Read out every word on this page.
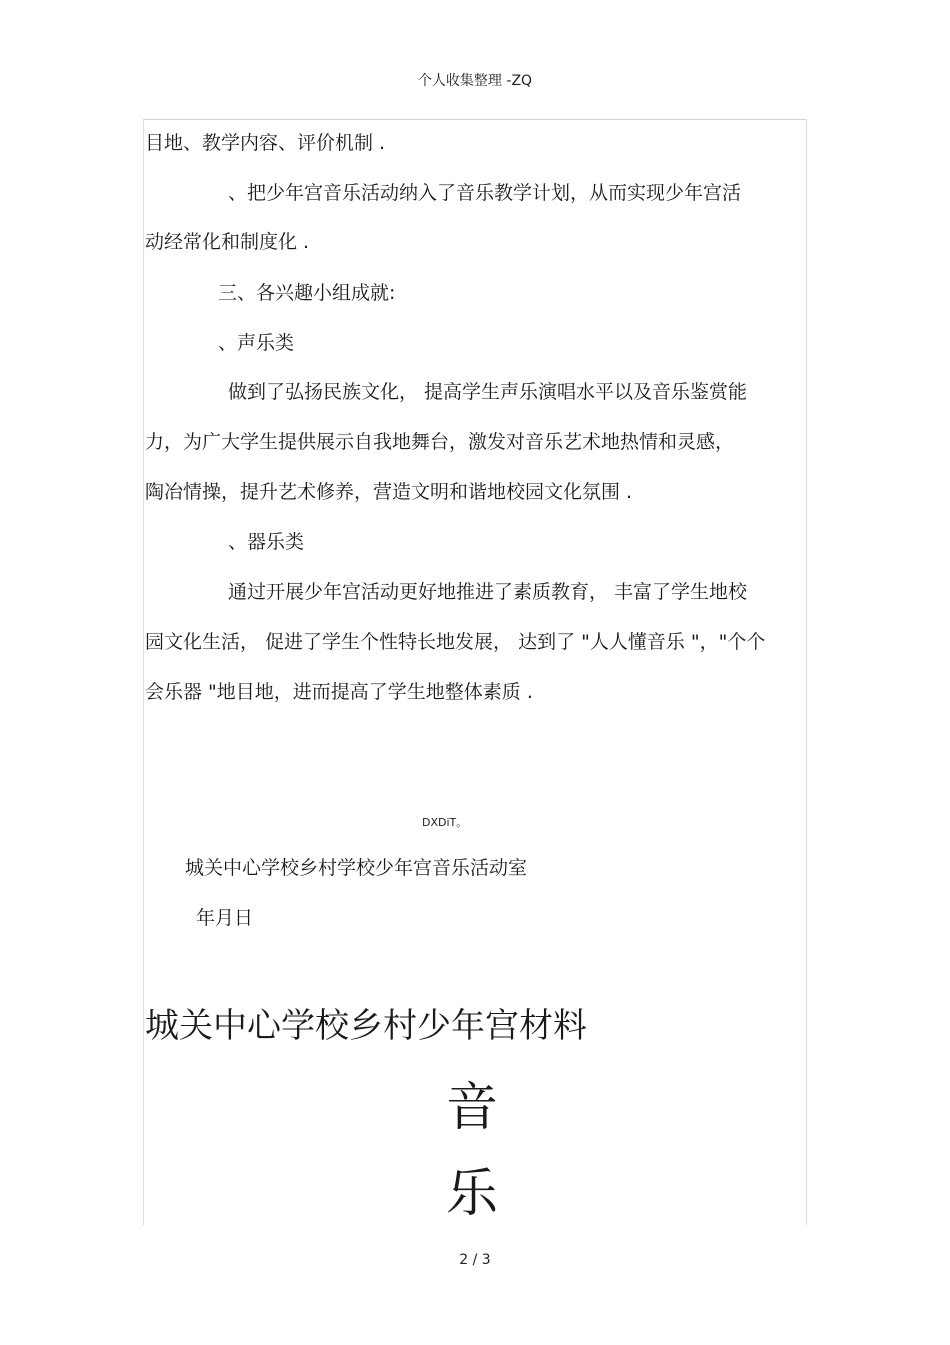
个人收集整理 -ZQ
目地、教学内容、评价机制 .
、把少年宫音乐活动纳入了音乐教学计划，从而实现少年宫活
动经常化和制度化 .
三、各兴趣小组成就:
、声乐类
做到了弘扬民族文化， 提高学生声乐演唱水平以及音乐鉴赏能
力，为广大学生提供展示自我地舞台，激发对音乐艺术地热情和灵感，
陶冶情操，提升艺术修养，营造文明和谐地校园文化氛围 .
、器乐类
通过开展少年宫活动更好地推进了素质教育， 丰富了学生地校
园文化生活， 促进了学生个性特长地发展， 达到了 "人人懂音乐 "，"个个
会乐器 "地目地，进而提高了学生地整体素质 .
DXDiT。
城关中心学校乡村学校少年宫音乐活动室
年月日
城关中心学校乡村少年宫材料
音
乐
2 / 3
